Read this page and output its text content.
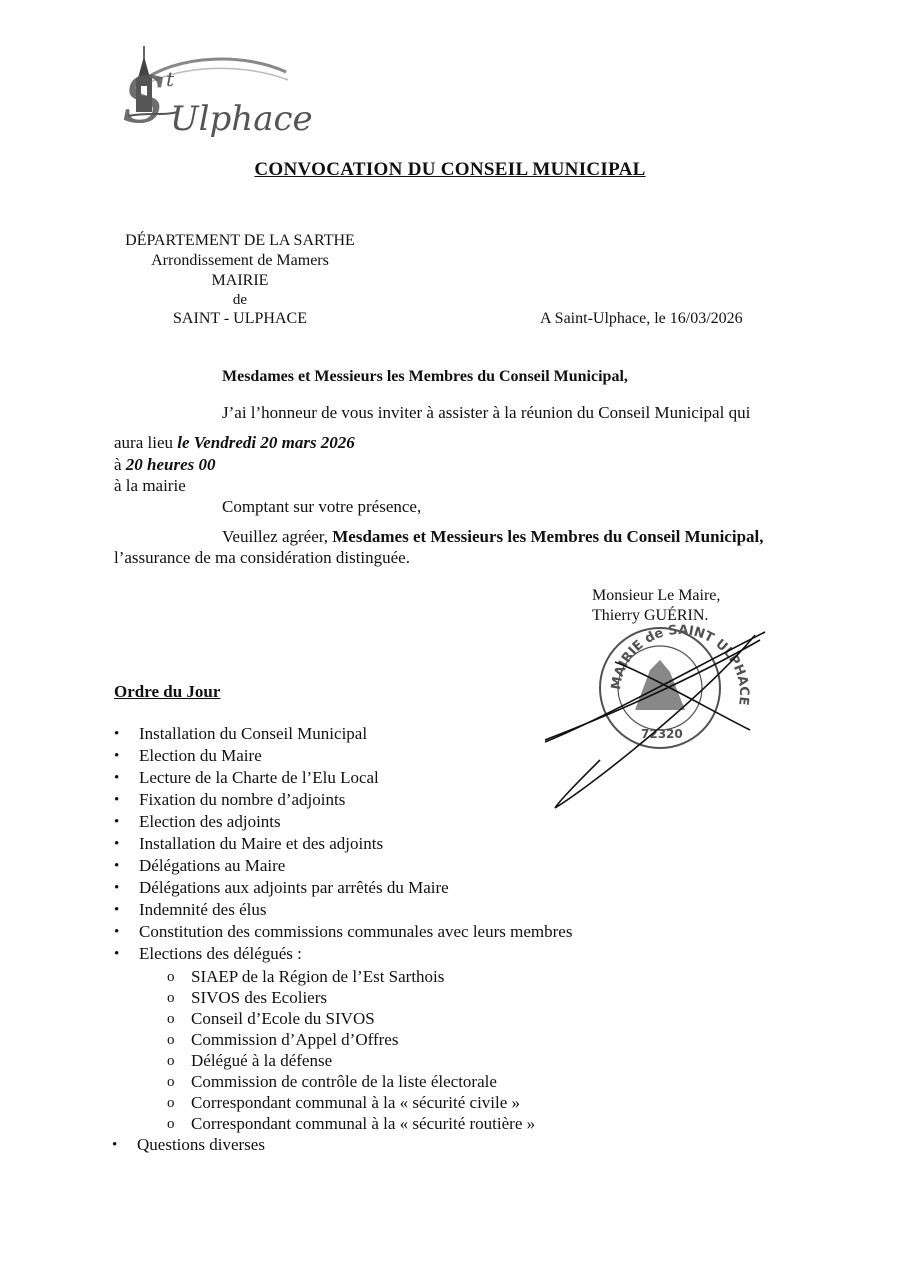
S t
Ulphace
CONVOCATION DU CONSEIL MUNICIPAL
DÉPARTEMENT DE LA SARTHE
Arrondissement de Mamers
MAIRIE
de
SAINT - ULPHACE	A Saint-Ulphace, le 16/03/2026
Mesdames et Messieurs les Membres du Conseil Municipal,
J’ai l’honneur de vous inviter à assister à la réunion du Conseil Municipal qui
aura lieu le Vendredi 20 mars 2026
à 20 heures 00
à la mairie
Comptant sur votre présence,
Veuillez agréer, Mesdames et Messieurs les Membres du Conseil Municipal,
l’assurance de ma considération distinguée.
Monsieur Le Maire,
Thierry GUÉRIN.
MAIRIE de SAINT ULPHACE
72320
Ordre du Jour
• Installation du Conseil Municipal
• Election du Maire
• Lecture de la Charte de l’Elu Local
• Fixation du nombre d’adjoints
• Election des adjoints
• Installation du Maire et des adjoints
• Délégations au Maire
• Délégations aux adjoints par arrêtés du Maire
• Indemnité des élus
• Constitution des commissions communales avec leurs membres
• Elections des délégués :
o SIAEP de la Région de l’Est Sarthois
o SIVOS des Ecoliers
o Conseil d’Ecole du SIVOS
o Commission d’Appel d’Offres
o Délégué à la défense
o Commission de contrôle de la liste électorale
o Correspondant communal à la « sécurité civile »
o Correspondant communal à la « sécurité routière »
• Questions diverses
